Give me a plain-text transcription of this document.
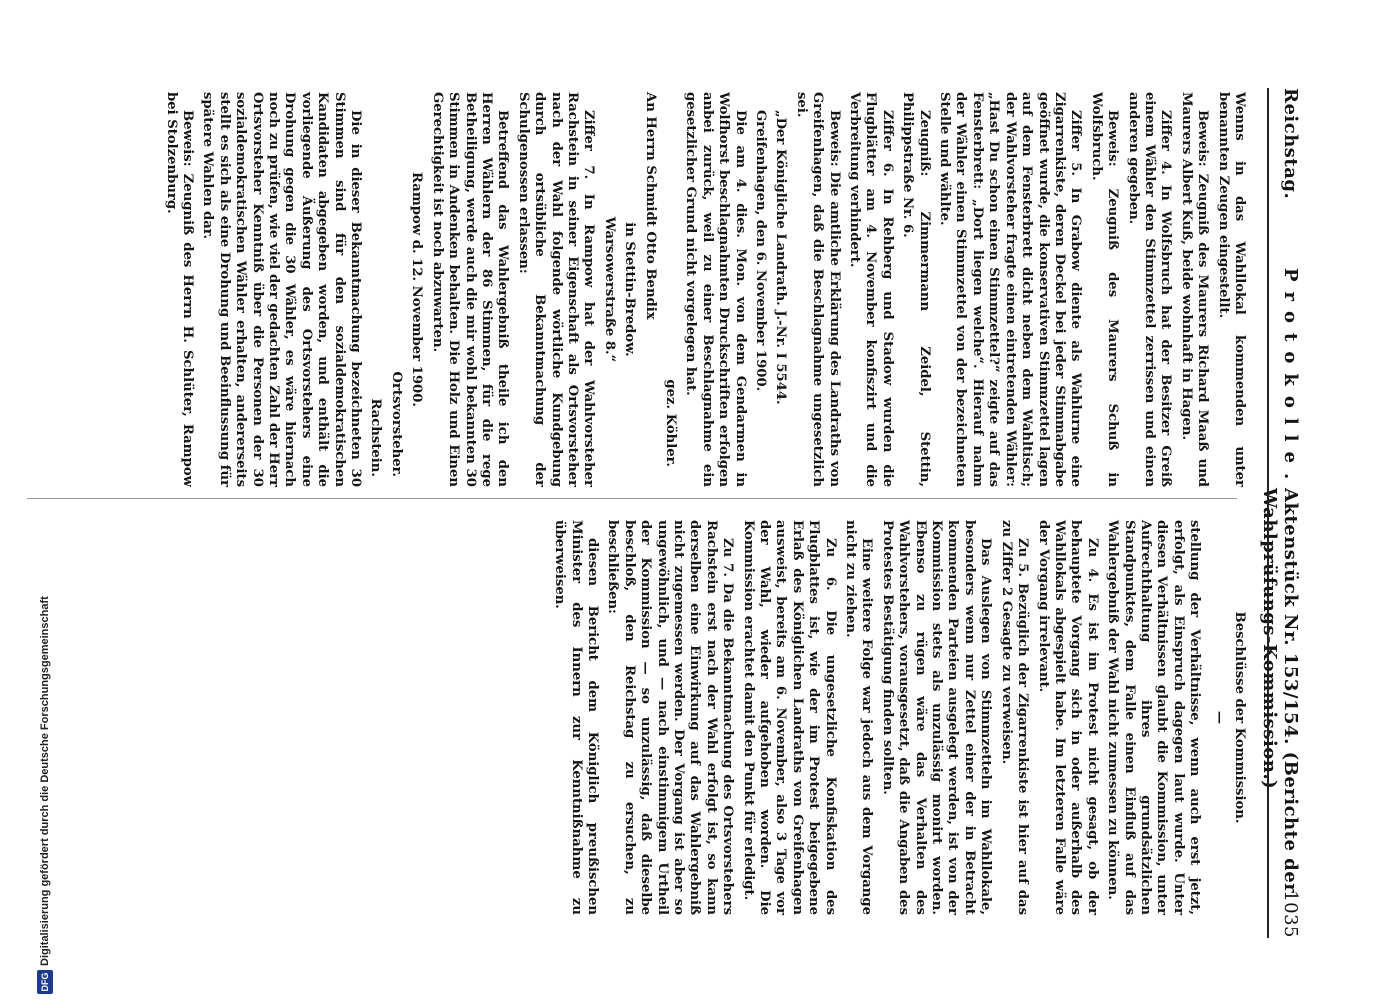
Reichstag.
Protokolle.
Aktenstück Nr. 153/154. (Berichte der Wahlprüfungs-Kommission.)
1035

Wenns in das Wahllokal kommenden unter benannten Zeugen eingestellt.

Beweis: Zeugniß des Maurers Richard Maaß und Maurers Albert Kuß, beide wohnhaft in Hagen.

Ziffer 4. In Wolfsbruch hat der Besitzer Greiß einem Wähler den Stimmzettel zerrissen und einen anderen gegeben.

Beweis: Zeugniß des Maurers Schuß in Wolfsbruch.

Ziffer 5. In Grabow diente als Wahlurne eine Zigarrenkiste, deren Deckel bei jeder Stimmabgabe geöffnet wurde, die konservativen Stimmzettel lagen auf dem Fensterbrett dicht neben dem Wahltisch; der Wahlvorsteher fragte einen eintretenden Wähler: „Hast Du schon einen Stimmzettel?“ zeigte auf das Fensterbrett: „Dort liegen welche“. Hierauf nahm der Wähler einen Stimmzettel von der bezeichneten Stelle und wählte.

Zeugniß: Zimmermann Zeidel, Stettin, Philippstraße Nr. 6.

Ziffer 6. In Rehberg und Stadow wurden die Flugblätter am 4. November konfiszirt und die Verbreitung verhindert.

Beweis: Die amtliche Erklärung des Landraths von Greifenhagen, daß die Beschlagnahme ungesetzlich sei.

„Der Königliche Landrath. J.-Nr. I 5544.

Greifenhagen, den 6. November 1900.

Die am 4. dies. Mon. von dem Gendarmen in Wolfhorst beschlagnahmten Druckschriften erfolgen anbei zurück, weil zu einer Beschlagnahme ein gesetzlicher Grund nicht vorgelegen hat.

gez. Köhler.

An Herrn Schmidt Otto Bendix

in Stettin-Bredow.

Warsowerstraße 8.“

Ziffer 7. In Rampow hat der Wahlvorsteher Rachstein in seiner Eigenschaft als Ortsvorsteher nach der Wahl folgende wörtliche Kundgebung durch ortsübliche Bekanntmachung der Schulgenossen erlassen:

Betreffend das Wahlergebniß theile ich den Herren Wählern der 86 Stimmen, für die rege Betheiligung, werde auch die mir wohl bekannten 30 Stimmen in Andenken behalten. Die Holz und Einen Gerechtigkeit ist noch abzuwarten.

Rampow d. 12. November 1900.

Ortsvorsteher.

Rachstein.

Die in dieser Bekanntmachung bezeichneten 30 Stimmen sind für den sozialdemokratischen Kandidaten abgegeben worden, und enthält die vorliegende Äußerung des Ortsvorstehers eine Drohung gegen die 30 Wähler, es wäre hiernach noch zu prüfen, wie viel der gedachten Zahl der Herr Ortsvorsteher Kenntniß über die Personen der 30 sozialdemokratischen Wähler erhalten, andererseits stellt es sich als eine Drohung und Beeinflussung für spätere Wahlen dar.

Beweis: Zeugniß des Herrn H. Schlüter, Rampow bei Stolzenburg.

Beschlüsse der Kommission.

—

stellung der Verhältnisse, wenn auch erst jetzt, erfolgt, als Einspruch dagegen laut wurde. Unter diesen Verhältnissen glaubt die Kommission, unter Aufrechthaltung ihres grundsätzlichen Standpunktes, dem Falle einen Einfluß auf das Wahlergebniß der Wahl nicht zumessen zu können.

Zu 4. Es ist im Protest nicht gesagt, ob der behauptete Vorgang sich in oder außerhalb des Wahllokals abgespielt habe. Im letzteren Falle wäre der Vorgang irrelevant.

Zu 5. Bezüglich der Zigarrenkiste ist hier auf das zu Ziffer 2 Gesagte zu verweisen.

Das Auslegen von Stimmzetteln im Wahllokale, besonders wenn nur Zettel einer der in Betracht kommenden Parteien ausgelegt werden, ist von der Kommission stets als unzulässig monirt worden. Ebenso zu rügen wäre das Verhalten des Wahlvorstehers, vorausgesetzt, daß die Angaben des Protestes Bestätigung finden sollten.

Eine weitere Folge war jedoch aus dem Vorgange nicht zu ziehen.

Zu 6. Die ungesetzliche Konfiskation des Flugblattes ist, wie der im Protest beigegebene Erlaß des Königlichen Landraths von Greifenhagen ausweist, bereits am 6. November, also 3 Tage vor der Wahl, wieder aufgehoben worden. Die Kommission erachtet damit den Punkt für erledigt.

Zu 7. Da die Bekanntmachung des Ortsvorstehers Rachstein erst nach der Wahl erfolgt ist, so kann derselben eine Einwirkung auf das Wahlergebniß nicht zugemessen werden. Der Vorgang ist aber so ungewöhnlich, und — nach einstimmigem Urtheil der Kommission — so unzulässig, daß dieselbe beschloß, den Reichstag zu ersuchen, zu beschließen:

diesen Bericht dem Königlich preußischen Minister des Innern zur Kenntnißnahme zu überweisen.

DFG
Digitalisierung gefördert durch die Deutsche Forschungsgemeinschaft
